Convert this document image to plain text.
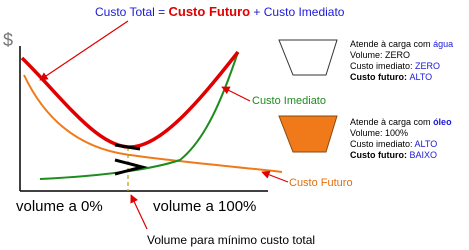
Custo Total = Custo Futuro + Custo Imediato
$
Custo Imediato
Custo Futuro
volume a 0%	volume a 100%
Volume para mínimo custo total
Atende à carga com água
Volume: ZERO
Custo imediato: ZERO
Custo futuro: ALTO
Atende à carga com óleo
Volume: 100%
Custo imediato: ALTO
Custo futuro: BAIXO
